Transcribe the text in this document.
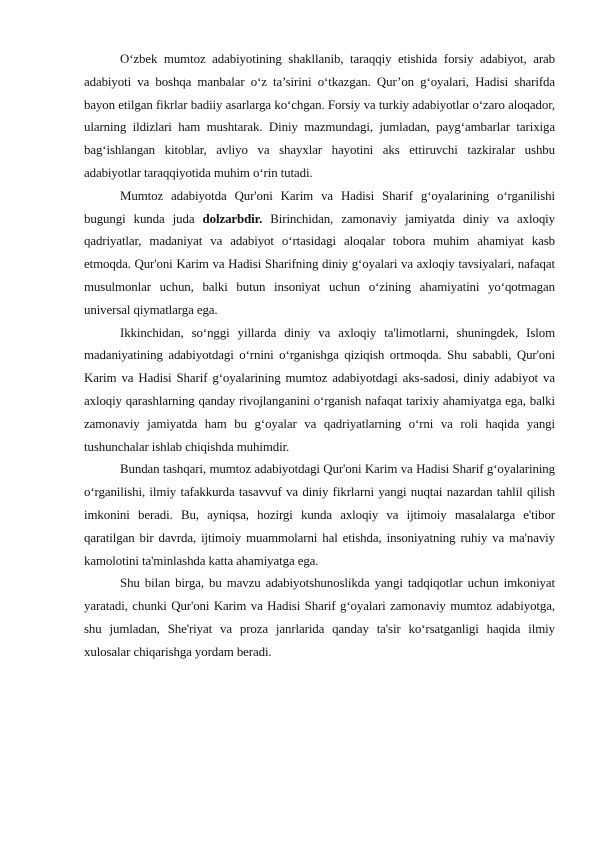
O‘zbek mumtoz adabiyotining shakllanib, taraqqiy etishida forsiy adabiyot, arab adabiyoti va boshqa manbalar o‘z ta’sirini o‘tkazgan. Qur’on g‘oyalari, Hadisi sharifda bayon etilgan fikrlar badiiy asarlarga ko‘chgan. Forsiy va turkiy adabiyotlar o‘zaro aloqador, ularning ildizlari ham mushtarak. Diniy mazmundagi, jumladan, payg‘ambarlar tarixiga bag‘ishlangan kitoblar, avliyo va shayxlar hayotini aks ettiruvchi tazkiralar ushbu adabiyotlar taraqqiyotida muhim o‘rin tutadi.

Mumtoz adabiyotda Qur'oni Karim va Hadisi Sharif g‘oyalarining o‘rganilishi bugungi kunda juda dolzarbdir. Birinchidan, zamonaviy jamiyatda diniy va axloqiy qadriyatlar, madaniyat va adabiyot o‘rtasidagi aloqalar tobora muhim ahamiyat kasb etmoqda. Qur'oni Karim va Hadisi Sharifning diniy g‘oyalari va axloqiy tavsiyalari, nafaqat musulmonlar uchun, balki butun insoniyat uchun o‘zining ahamiyatini yo‘qotmagan universal qiymatlarga ega.

Ikkinchidan, so‘nggi yillarda diniy va axloqiy ta'limotlarni, shuningdek, Islom madaniyatining adabiyotdagi o‘rnini o‘rganishga qiziqish ortmoqda. Shu sababli, Qur'oni Karim va Hadisi Sharif g‘oyalarining mumtoz adabiyotdagi aks-sadosi, diniy adabiyot va axloqiy qarashlarning qanday rivojlanganini o‘rganish nafaqat tarixiy ahamiyatga ega, balki zamonaviy jamiyatda ham bu g‘oyalar va qadriyatlarning o‘rni va roli haqida yangi tushunchalar ishlab chiqishda muhimdir.

Bundan tashqari, mumtoz adabiyotdagi Qur'oni Karim va Hadisi Sharif g‘oyalarining o‘rganilishi, ilmiy tafakkurda tasavvuf va diniy fikrlarni yangi nuqtai nazardan tahlil qilish imkonini beradi. Bu, ayniqsa, hozirgi kunda axloqiy va ijtimoiy masalalarga e'tibor qaratilgan bir davrda, ijtimoiy muammolarni hal etishda, insoniyatning ruhiy va ma'naviy kamolotini ta'minlashda katta ahamiyatga ega.

Shu bilan birga, bu mavzu adabiyotshunoslikda yangi tadqiqotlar uchun imkoniyat yaratadi, chunki Qur'oni Karim va Hadisi Sharif g‘oyalari zamonaviy mumtoz adabiyotga, shu jumladan, She'riyat va proza janrlarida qanday ta'sir ko‘rsatganligi haqida ilmiy xulosalar chiqarishga yordam beradi.
